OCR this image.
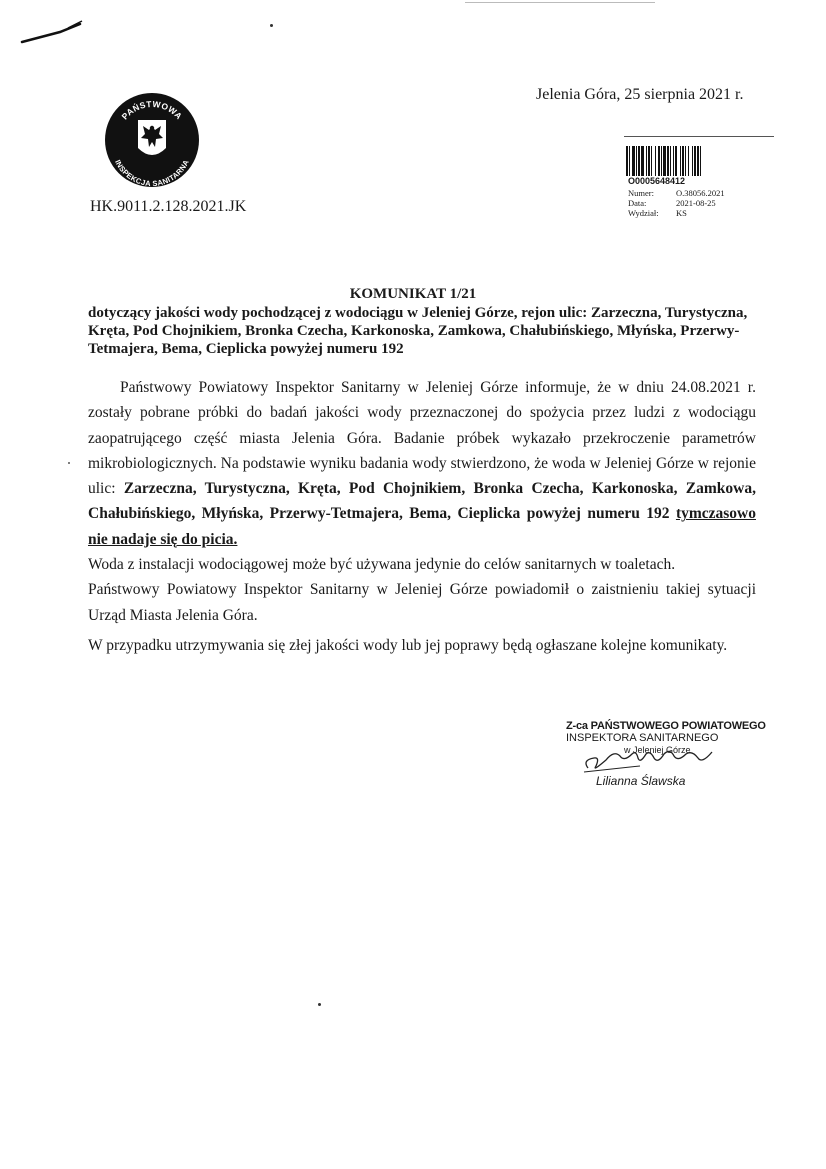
Jelenia Góra, 25 sierpnia 2021 r.
PAŃSTWOWA
INSPEKCJA SANITARNA
HK.9011.2.128.2021.JK
O0005648412
Numer:	O.38056.2021
Data:	2021-08-25
Wydział: KS
KOMUNIKAT 1/21
dotyczący jakości wody pochodzącej z wodociągu w Jeleniej Górze, rejon ulic: Zarzeczna, Turystyczna, Kręta, Pod Chojnikiem, Bronka Czecha, Karkonoska, Zamkowa, Chałubińskiego, Młyńska, Przerwy-Tetmajera, Bema, Cieplicka powyżej numeru 192

Państwowy Powiatowy Inspektor Sanitarny w Jeleniej Górze informuje, że w dniu 24.08.2021 r. zostały pobrane próbki do badań jakości wody przeznaczonej do spożycia przez ludzi z wodociągu zaopatrującego część miasta Jelenia Góra. Badanie próbek wykazało przekroczenie parametrów mikrobiologicznych. Na podstawie wyniku badania wody stwierdzono, że woda w Jeleniej Górze w rejonie ulic: Zarzeczna, Turystyczna, Kręta, Pod Chojnikiem, Bronka Czecha, Karkonoska, Zamkowa, Chałubińskiego, Młyńska, Przerwy-Tetmajera, Bema, Cieplicka powyżej numeru 192 tymczasowo nie nadaje się do picia.

Woda z instalacji wodociągowej może być używana jedynie do celów sanitarnych w toaletach.

Państwowy Powiatowy Inspektor Sanitarny w Jeleniej Górze powiadomił o zaistnieniu takiej sytuacji Urząd Miasta Jelenia Góra.

W przypadku utrzymywania się złej jakości wody lub jej poprawy będą ogłaszane kolejne komunikaty.

Z-ca PAŃSTWOWEGO POWIATOWEGO
INSPEKTORA SANITARNEGO
w Jeleniej Górze
Lilianna Ślawska
